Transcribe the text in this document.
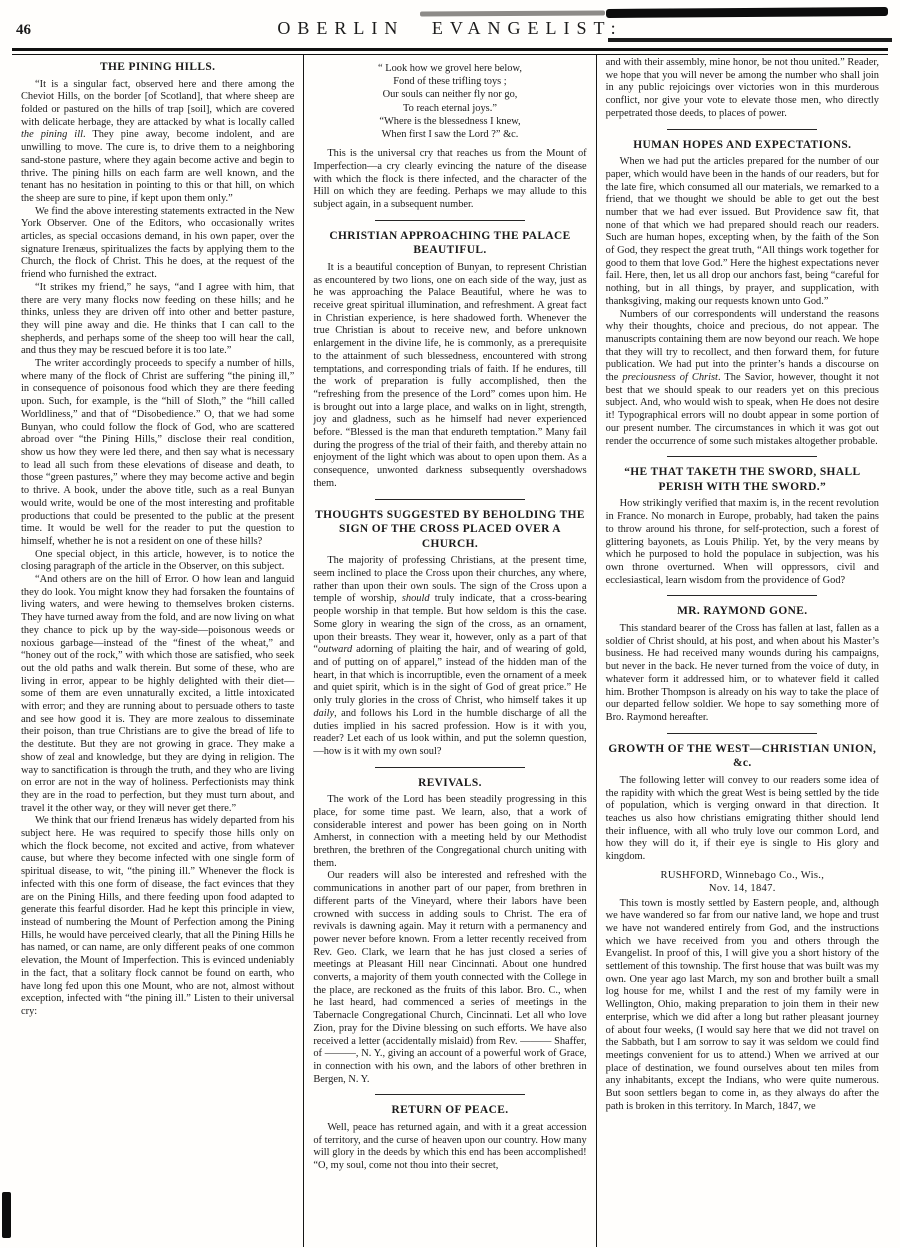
46	OBERLIN EVANGELIST:
THE PINING HILLS.

“It is a singular fact, observed here and there among the Cheviot Hills, on the border [of Scotland], that where sheep are folded or pastured on the hills of trap [soil], which are covered with delicate herbage, they are attacked by what is locally called the pining ill. They pine away, become indolent, and are unwilling to move. The cure is, to drive them to a neighboring sand-stone pasture, where they again become active and begin to thrive. The pining hills on each farm are well known, and the tenant has no hesitation in pointing to this or that hill, on which the sheep are sure to pine, if kept upon them only.”

We find the above interesting statements extracted in the New York Observer. One of the Editors, who occasionally writes articles, as special occasions demand, in his own paper, over the signature Irenæus, spiritualizes the facts by applying them to the Church, the flock of Christ. This he does, at the request of the friend who furnished the extract.

“It strikes my friend,” he says, “and I agree with him, that there are very many flocks now feeding on these hills; and he thinks, unless they are driven off into other and better pasture, they will pine away and die. He thinks that I can call to the shepherds, and perhaps some of the sheep too will hear the call, and thus they may be rescued before it is too late.”

The writer accordingly proceeds to specify a number of hills, where many of the flock of Christ are suffering “the pining ill,” in consequence of poisonous food which they are there feeding upon. Such, for example, is the “hill of Sloth,” the “hill called Worldliness,” and that of “Disobedience.” O, that we had some Bunyan, who could follow the flock of God, who are scattered abroad over “the Pining Hills,” disclose their real condition, show us how they were led there, and then say what is necessary to lead all such from these elevations of disease and death, to those “green pastures,” where they may become active and begin to thrive. A book, under the above title, such as a real Bunyan would write, would be one of the most interesting and profitable productions that could be presented to the public at the present time. It would be well for the reader to put the question to himself, whether he is not a resident on one of these hills?

One special object, in this article, however, is to notice the closing paragraph of the article in the Observer, on this subject.

“And others are on the hill of Error. O how lean and languid they do look. You might know they had forsaken the fountains of living waters, and were hewing to themselves broken cisterns. They have turned away from the fold, and are now living on what they chance to pick up by the way-side—poisonous weeds or noxious garbage—instead of the “finest of the wheat,” and “honey out of the rock,” with which those are satisfied, who seek out the old paths and walk therein. But some of these, who are living in error, appear to be highly delighted with their diet—some of them are even unnaturally excited, a little intoxicated with error; and they are running about to persuade others to taste and see how good it is. They are more zealous to disseminate their poison, than true Christians are to give the bread of life to the destitute. But they are not growing in grace. They make a show of zeal and knowledge, but they are dying in religion. The way to sanctification is through the truth, and they who are living on error are not in the way of holiness. Perfectionists may think they are in the road to perfection, but they must turn about, and travel it the other way, or they will never get there.”

We think that our friend Irenæus has widely departed from his subject here. He was required to specify those hills only on which the flock become, not excited and active, from whatever cause, but where they become infected with one single form of spiritual disease, to wit, “the pining ill.” Whenever the flock is infected with this one form of disease, the fact evinces that they are on the Pining Hills, and there feeding upon food adapted to generate this fearful disorder. Had he kept this principle in view, instead of numbering the Mount of Perfection among the Pining Hills, he would have perceived clearly, that all the Pining Hills he has named, or can name, are only different peaks of one common elevation, the Mount of Imperfection. This is evinced undeniably in the fact, that a solitary flock cannot be found on earth, who have long fed upon this one Mount, who are not, almost without exception, infected with “the pining ill.” Listen to their universal cry:

“ Look how we grovel here below,
Fond of these trifling toys ;
Our souls can neither fly nor go,
To reach eternal joys.”
“Where is the blessedness I knew,
When first I saw the Lord ?” &c.

This is the universal cry that reaches us from the Mount of Imperfection—a cry clearly evincing the nature of the disease with which the flock is there infected, and the character of the Hill on which they are feeding. Perhaps we may allude to this subject again, in a subsequent number.

CHRISTIAN APPROACHING THE PALACE BEAUTIFUL.

It is a beautiful conception of Bunyan, to represent Christian as encountered by two lions, one on each side of the way, just as he was approaching the Palace Beautiful, where he was to receive great spiritual illumination, and refreshment. A great fact in Christian experience, is here shadowed forth. Whenever the true Christian is about to receive new, and before unknown enlargement in the divine life, he is commonly, as a prerequisite to the attainment of such blessedness, encountered with strong temptations, and corresponding trials of faith. If he endures, till the work of preparation is fully accomplished, then the “refreshing from the presence of the Lord” comes upon him. He is brought out into a large place, and walks on in light, strength, joy and gladness, such as he himself had never experienced before. “Blessed is the man that endureth temptation.” Many fail during the progress of the trial of their faith, and thereby attain no enjoyment of the light which was about to open upon them. As a consequence, unwonted darkness subsequently overshadows them.

THOUGHTS SUGGESTED BY BEHOLDING THE SIGN OF THE CROSS PLACED OVER A CHURCH.

The majority of professing Christians, at the present time, seem inclined to place the Cross upon their churches, any where, rather than upon their own souls. The sign of the Cross upon a temple of worship, should truly indicate, that a cross-bearing people worship in that temple. But how seldom is this the case. Some glory in wearing the sign of the cross, as an ornament, upon their breasts. They wear it, however, only as a part of that “outward adorning of plaiting the hair, and of wearing of gold, and of putting on of apparel,” instead of the hidden man of the heart, in that which is incorruptible, even the ornament of a meek and quiet spirit, which is in the sight of God of great price.” He only truly glories in the cross of Christ, who himself takes it up daily, and follows his Lord in the humble discharge of all the duties implied in his sacred profession. How is it with you, reader? Let each of us look within, and put the solemn question,—how is it with my own soul?

REVIVALS.

The work of the Lord has been steadily progressing in this place, for some time past. We learn, also, that a work of considerable interest and power has been going on in North Amherst, in connection with a meeting held by our Methodist brethren, the brethren of the Congregational church uniting with them.

Our readers will also be interested and refreshed with the communications in another part of our paper, from brethren in different parts of the Vineyard, where their labors have been crowned with success in adding souls to Christ. The era of revivals is dawning again. May it return with a permanency and power never before known. From a letter recently received from Rev. Geo. Clark, we learn that he has just closed a series of meetings at Pleasant Hill near Cincinnati. About one hundred converts, a majority of them youth connected with the College in the place, are reckoned as the fruits of this labor. Bro. C., when he last heard, had commenced a series of meetings in the Tabernacle Congregational Church, Cincinnati. Let all who love Zion, pray for the Divine blessing on such efforts. We have also received a letter (accidentally mislaid) from Rev. ——— Shaffer, of ———, N. Y., giving an account of a powerful work of Grace, in connection with his own, and the labors of other brethren in Bergen, N. Y.

RETURN OF PEACE.

Well, peace has returned again, and with it a great accession of territory, and the curse of heaven upon our country. How many will glory in the deeds by which this end has been accomplished! “O, my soul, come not thou into their secret,

and with their assembly, mine honor, be not thou united.” Reader, we hope that you will never be among the number who shall join in any public rejoicings over victories won in this murderous conflict, nor give your vote to elevate those men, who directly perpetrated those deeds, to places of power.

HUMAN HOPES AND EXPECTATIONS.

When we had put the articles prepared for the number of our paper, which would have been in the hands of our readers, but for the late fire, which consumed all our materials, we remarked to a friend, that we thought we should be able to get out the best number that we had ever issued. But Providence saw fit, that none of that which we had prepared should reach our readers. Such are human hopes, excepting when, by the faith of the Son of God, they respect the great truth, “All things work together for good to them that love God.” Here the highest expectations never fail. Here, then, let us all drop our anchors fast, being “careful for nothing, but in all things, by prayer, and supplication, with thanksgiving, making our requests known unto God.”

Numbers of our correspondents will understand the reasons why their thoughts, choice and precious, do not appear. The manuscripts containing them are now beyond our reach. We hope that they will try to recollect, and then forward them, for future publication. We had put into the printer’s hands a discourse on the preciousness of Christ. The Savior, however, thought it not best that we should speak to our readers yet on this precious subject. And, who would wish to speak, when He does not desire it! Typographical errors will no doubt appear in some portion of our present number. The circumstances in which it was got out render the occurrence of some such mistakes altogether probable.

“HE THAT TAKETH THE SWORD, SHALL PERISH WITH THE SWORD.”

How strikingly verified that maxim is, in the recent revolution in France. No monarch in Europe, probably, had taken the pains to throw around his throne, for self-protection, such a forest of glittering bayonets, as Louis Philip. Yet, by the very means by which he purposed to hold the populace in subjection, was his own throne overturned. When will oppressors, civil and ecclesiastical, learn wisdom from the providence of God?

MR. RAYMOND GONE.

This standard bearer of the Cross has fallen at last, fallen as a soldier of Christ should, at his post, and when about his Master’s business. He had received many wounds during his campaigns, but never in the back. He never turned from the voice of duty, in whatever form it addressed him, or to whatever field it called him. Brother Thompson is already on his way to take the place of our departed fellow soldier. We hope to say something more of Bro. Raymond hereafter.

GROWTH OF THE WEST—CHRISTIAN UNION, &c.

The following letter will convey to our readers some idea of the rapidity with which the great West is being settled by the tide of population, which is verging onward in that direction. It teaches us also how christians emigrating thither should lend their influence, with all who truly love our common Lord, and how they will do it, if their eye is single to His glory and kingdom.

RUSHFORD, Winnebago Co., Wis.,
Nov. 14, 1847.

This town is mostly settled by Eastern people, and, although we have wandered so far from our native land, we hope and trust we have not wandered entirely from God, and the instructions which we have received from you and others through the Evangelist. In proof of this, I will give you a short history of the settlement of this township. The first house that was built was my own. One year ago last March, my son and brother built a small log house for me, whilst I and the rest of my family were in Wellington, Ohio, making preparation to join them in their new enterprise, which we did after a long but rather pleasant journey of about four weeks, (I would say here that we did not travel on the Sabbath, but I am sorrow to say it was seldom we could find meetings convenient for us to attend.) When we arrived at our place of destination, we found ourselves about ten miles from any inhabitants, except the Indians, who were quite numerous. But soon settlers began to come in, as they always do after the path is broken in this territory. In March, 1847, we
